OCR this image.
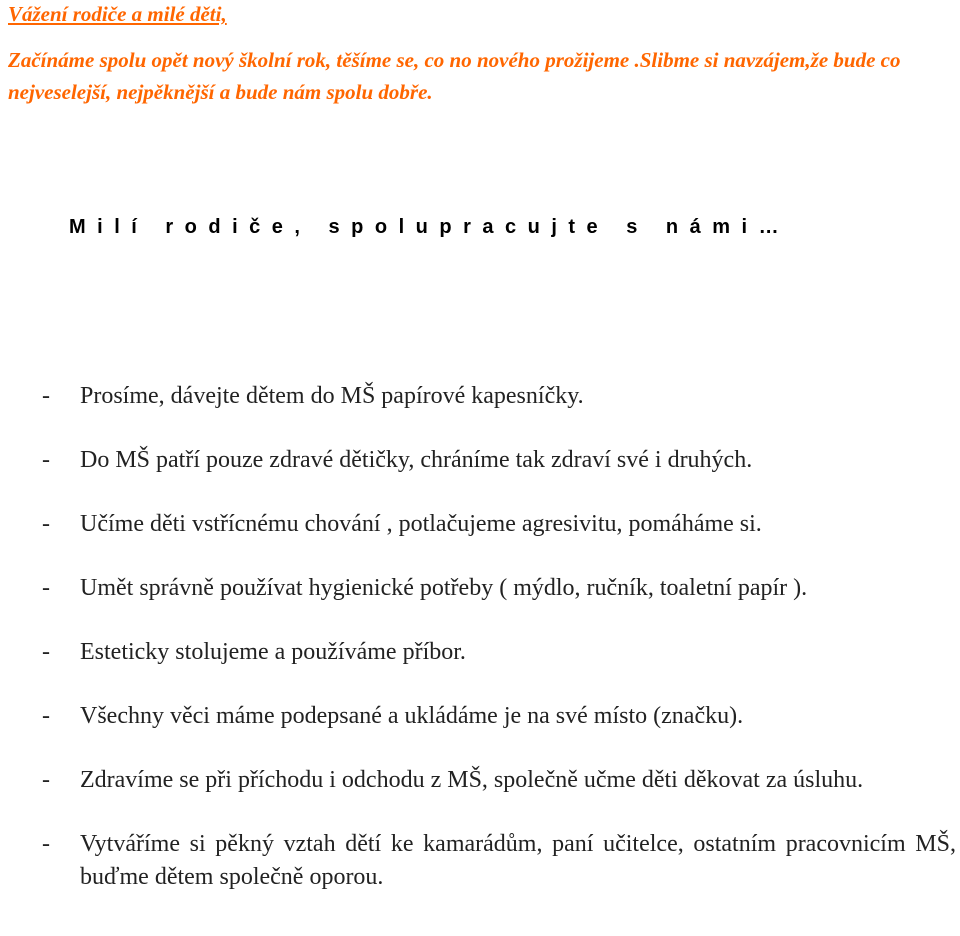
Vážení rodiče a milé děti,

Začínáme spolu opět nový školní rok, těšíme se, co no nového prožijeme .Slibme si navzájem,že bude co nejveselejší, nejpěknější a bude nám spolu dobře.

Milí rodiče, spolupracujte s námi…

- Prosíme, dávejte dětem do MŠ papírové kapesníčky.
- Do MŠ patří pouze zdravé dětičky, chráníme tak zdraví své i druhých.
- Učíme děti vstřícnému chování , potlačujeme agresivitu, pomáháme si.
- Umět správně používat hygienické potřeby ( mýdlo, ručník, toaletní papír ).
- Esteticky stolujeme a používáme příbor.
- Všechny věci máme podepsané a ukládáme je na své místo (značku).
- Zdravíme se při příchodu i odchodu z MŠ, společně učme děti děkovat za úsluhu.
- Vytváříme si pěkný vztah dětí ke kamarádům, paní učitelce, ostatním pracovnicím MŠ, buďme dětem společně oporou.
